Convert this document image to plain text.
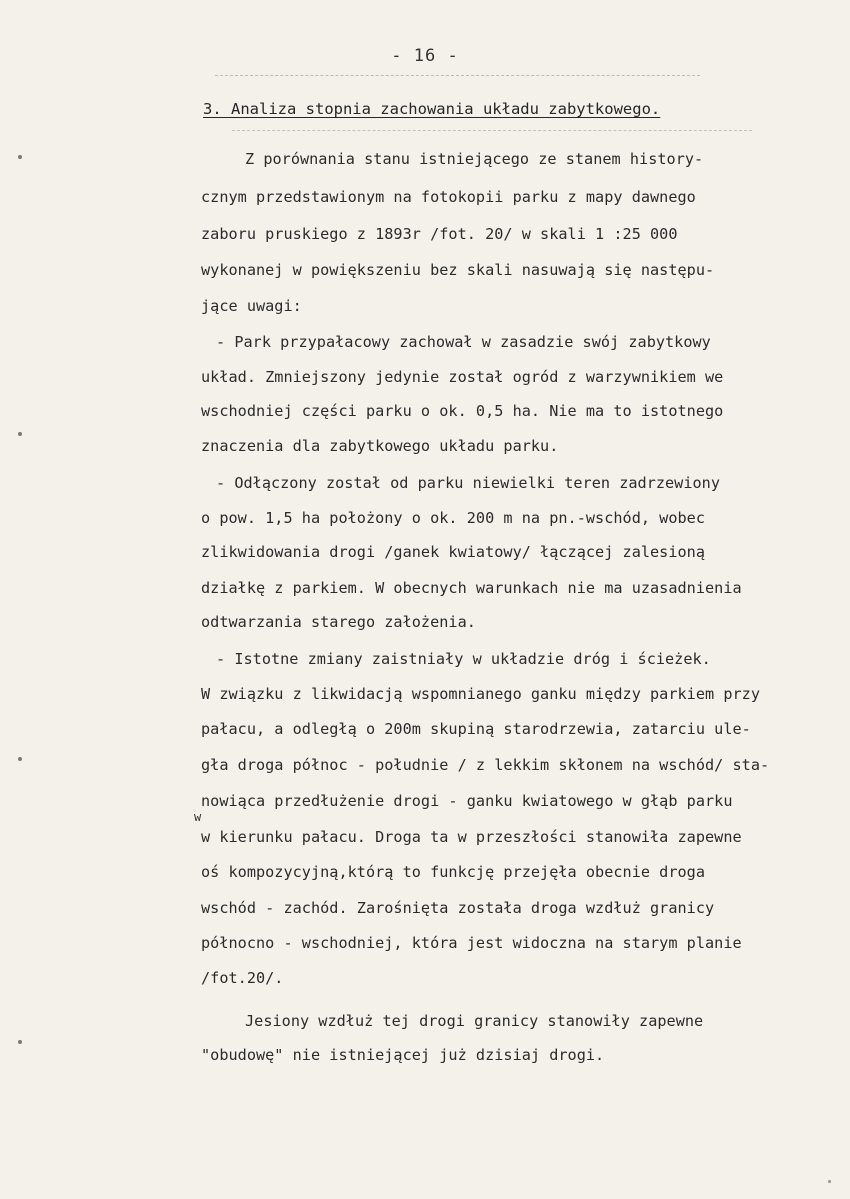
- 16 -
3. Analiza stopnia zachowania układu zabytkowego.
Z porównania stanu istniejącego ze stanem history-
cznym przedstawionym na fotokopii parku z mapy dawnego
zaboru pruskiego z 1893r /fot. 20/ w skali 1 :25 000
wykonanej w powiększeniu bez skali nasuwają się następu-
jące uwagi:
- Park przypałacowy zachował w zasadzie swój zabytkowy
układ. Zmniejszony jedynie został ogród z warzywnikiem we
wschodniej części parku o ok. 0,5 ha. Nie ma to istotnego
znaczenia dla zabytkowego układu parku.
- Odłączony został od parku niewielki teren zadrzewiony
o pow. 1,5 ha położony o ok. 200 m na pn.-wschód, wobec
zlikwidowania drogi /ganek kwiatowy/ łączącej zalesioną
działkę z parkiem. W obecnych warunkach nie ma uzasadnienia
odtwarzania starego założenia.
- Istotne zmiany zaistniały w układzie dróg i ścieżek.
W związku z likwidacją wspomnianego ganku między parkiem przy
pałacu, a odległą o 200m skupiną starodrzewia, zatarciu ule-
gła droga północ - południe / z lekkim skłonem na wschód/ sta-
nowiąca przedłużenie drogi - ganku kwiatowego w głąb parku
w
w kierunku pałacu. Droga ta w przeszłości stanowiła zapewne
oś kompozycyjną,którą to funkcję przejęła obecnie droga
wschód - zachód. Zarośnięta została droga wzdłuż granicy
północno - wschodniej, która jest widoczna na starym planie
/fot.20/.
Jesiony wzdłuż tej drogi granicy stanowiły zapewne
"obudowę" nie istniejącej już dzisiaj drogi.
